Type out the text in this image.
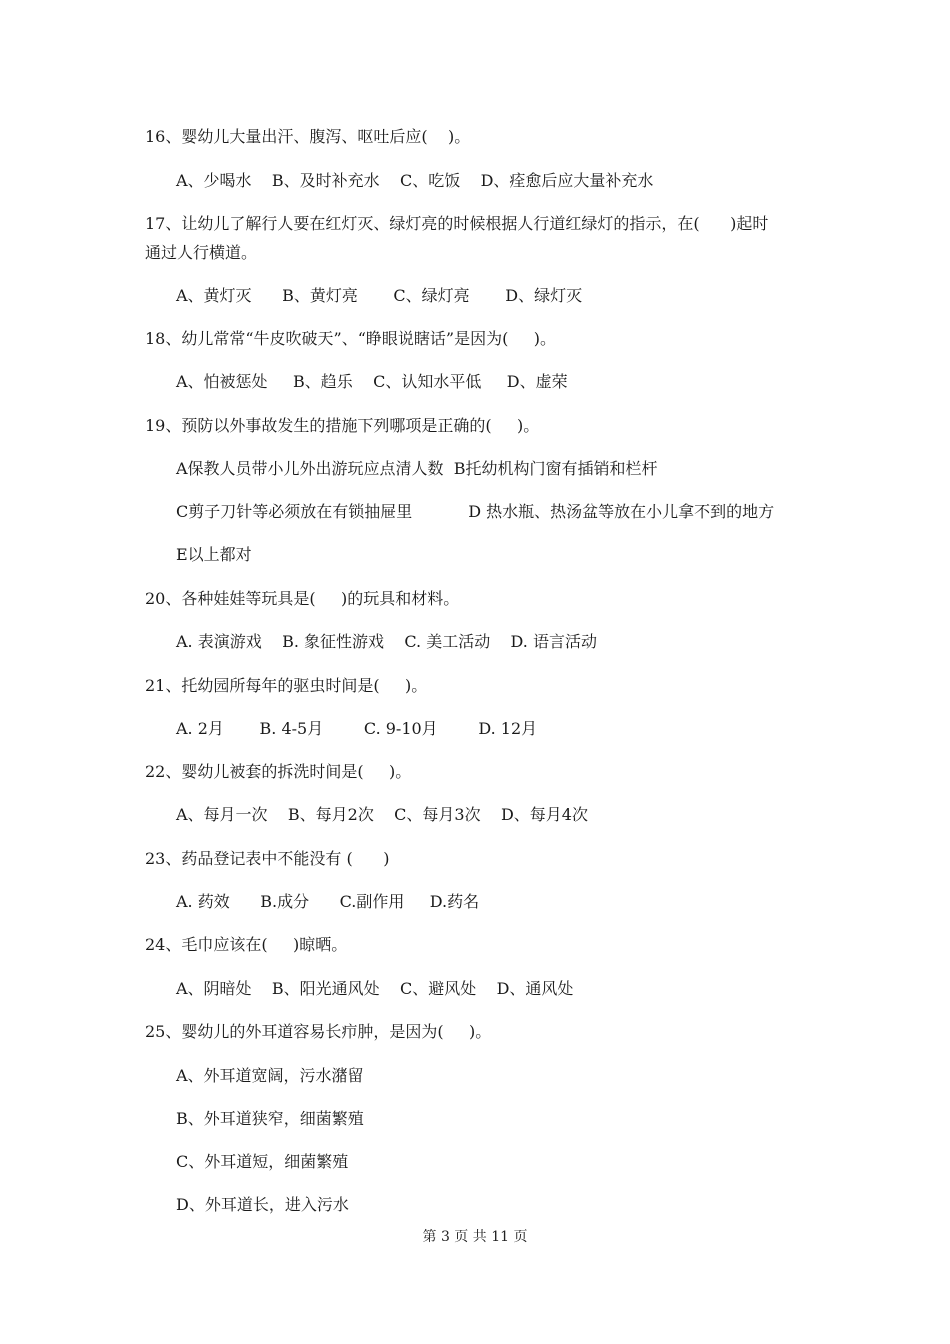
16、婴幼儿大量出汗、腹泻、呕吐后应(    )。
A、少喝水    B、及时补充水    C、吃饭    D、痊愈后应大量补充水
17、让幼儿了解行人要在红灯灭、绿灯亮的时候根据人行道红绿灯的指示，在(      )起时
通过人行横道。
A、黄灯灭      B、黄灯亮       C、绿灯亮       D、绿灯灭
18、幼儿常常“牛皮吹破天”、“睁眼说瞎话”是因为(     )。
A、怕被惩处     B、趋乐    C、认知水平低     D、虚荣
19、预防以外事故发生的措施下列哪项是正确的(     )。
A保教人员带小儿外出游玩应点清人数  B托幼机构门窗有插销和栏杆
C剪子刀针等必须放在有锁抽屉里           D 热水瓶、热汤盆等放在小儿拿不到的地方
E以上都对
20、各种娃娃等玩具是(     )的玩具和材料。
A. 表演游戏    B. 象征性游戏    C. 美工活动    D. 语言活动
21、托幼园所每年的驱虫时间是(     )。
A. 2月       B. 4-5月        C. 9-10月        D. 12月
22、婴幼儿被套的拆洗时间是(     )。
A、每月一次    B、每月2次    C、每月3次    D、每月4次
23、药品登记表中不能没有 (      )
A. 药效      B.成分      C.副作用     D.药名
24、毛巾应该在(     )晾晒。
A、阴暗处    B、阳光通风处    C、避风处    D、通风处
25、婴幼儿的外耳道容易长疖肿，是因为(     )。
A、外耳道宽阔，污水潴留
B、外耳道狭窄，细菌繁殖
C、外耳道短，细菌繁殖
D、外耳道长，进入污水
第 3 页 共 11 页
